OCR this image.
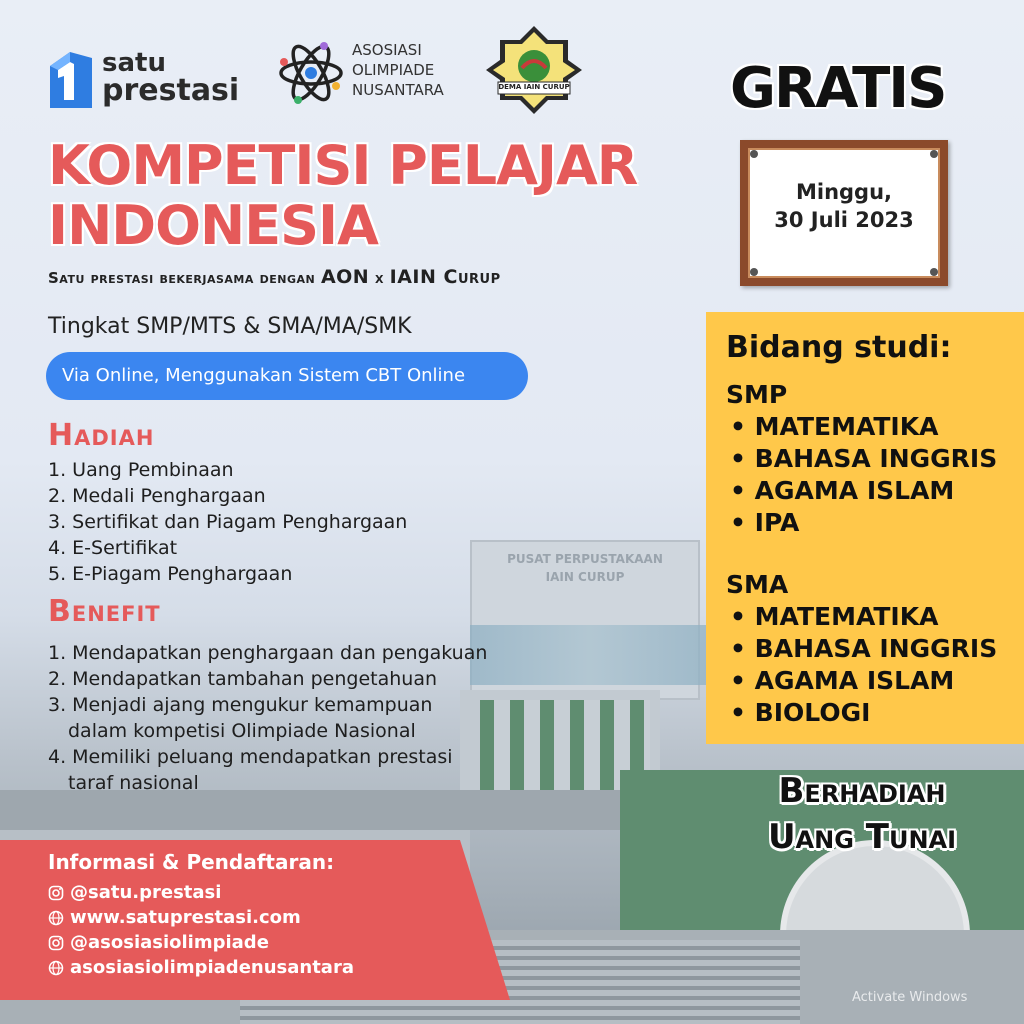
PUSAT PERPUSTAKAAN
IAIN CURUP
satu
prestasi
ASOSIASI
OLIMPIADE
NUSANTARA	DEMA IAIN CURUP
KOMPETISI PELAJAR
INDONESIA
Satu prestasi bekerjasama dengan AON x IAIN Curup
Tingkat SMP/MTS & SMA/MA/SMK
Via Online, Menggunakan Sistem CBT Online
Hadiah
1. Uang Pembinaan
2. Medali Penghargaan
3. Sertifikat dan Piagam Penghargaan
4. E-Sertifikat
5. E-Piagam Penghargaan
Benefit
1. Mendapatkan penghargaan dan pengakuan
2. Mendapatkan tambahan pengetahuan
3. Menjadi ajang mengukur kemampuan
dalam kompetisi Olimpiade Nasional
4. Memiliki peluang mendapatkan prestasi
taraf nasional
GRATIS
Minggu,
30 Juli 2023
Bidang studi:
SMP
• MATEMATIKA
• BAHASA INGGRIS
• AGAMA ISLAM
• IPA
SMA
• MATEMATIKA
• BAHASA INGGRIS
• AGAMA ISLAM
• BIOLOGI
Berhadiah
Uang Tunai
Informasi & Pendaftaran:
@satu.prestasi
www.satuprestasi.com
@asosiasiolimpiade
asosiasiolimpiadenusantara
Activate Windows
